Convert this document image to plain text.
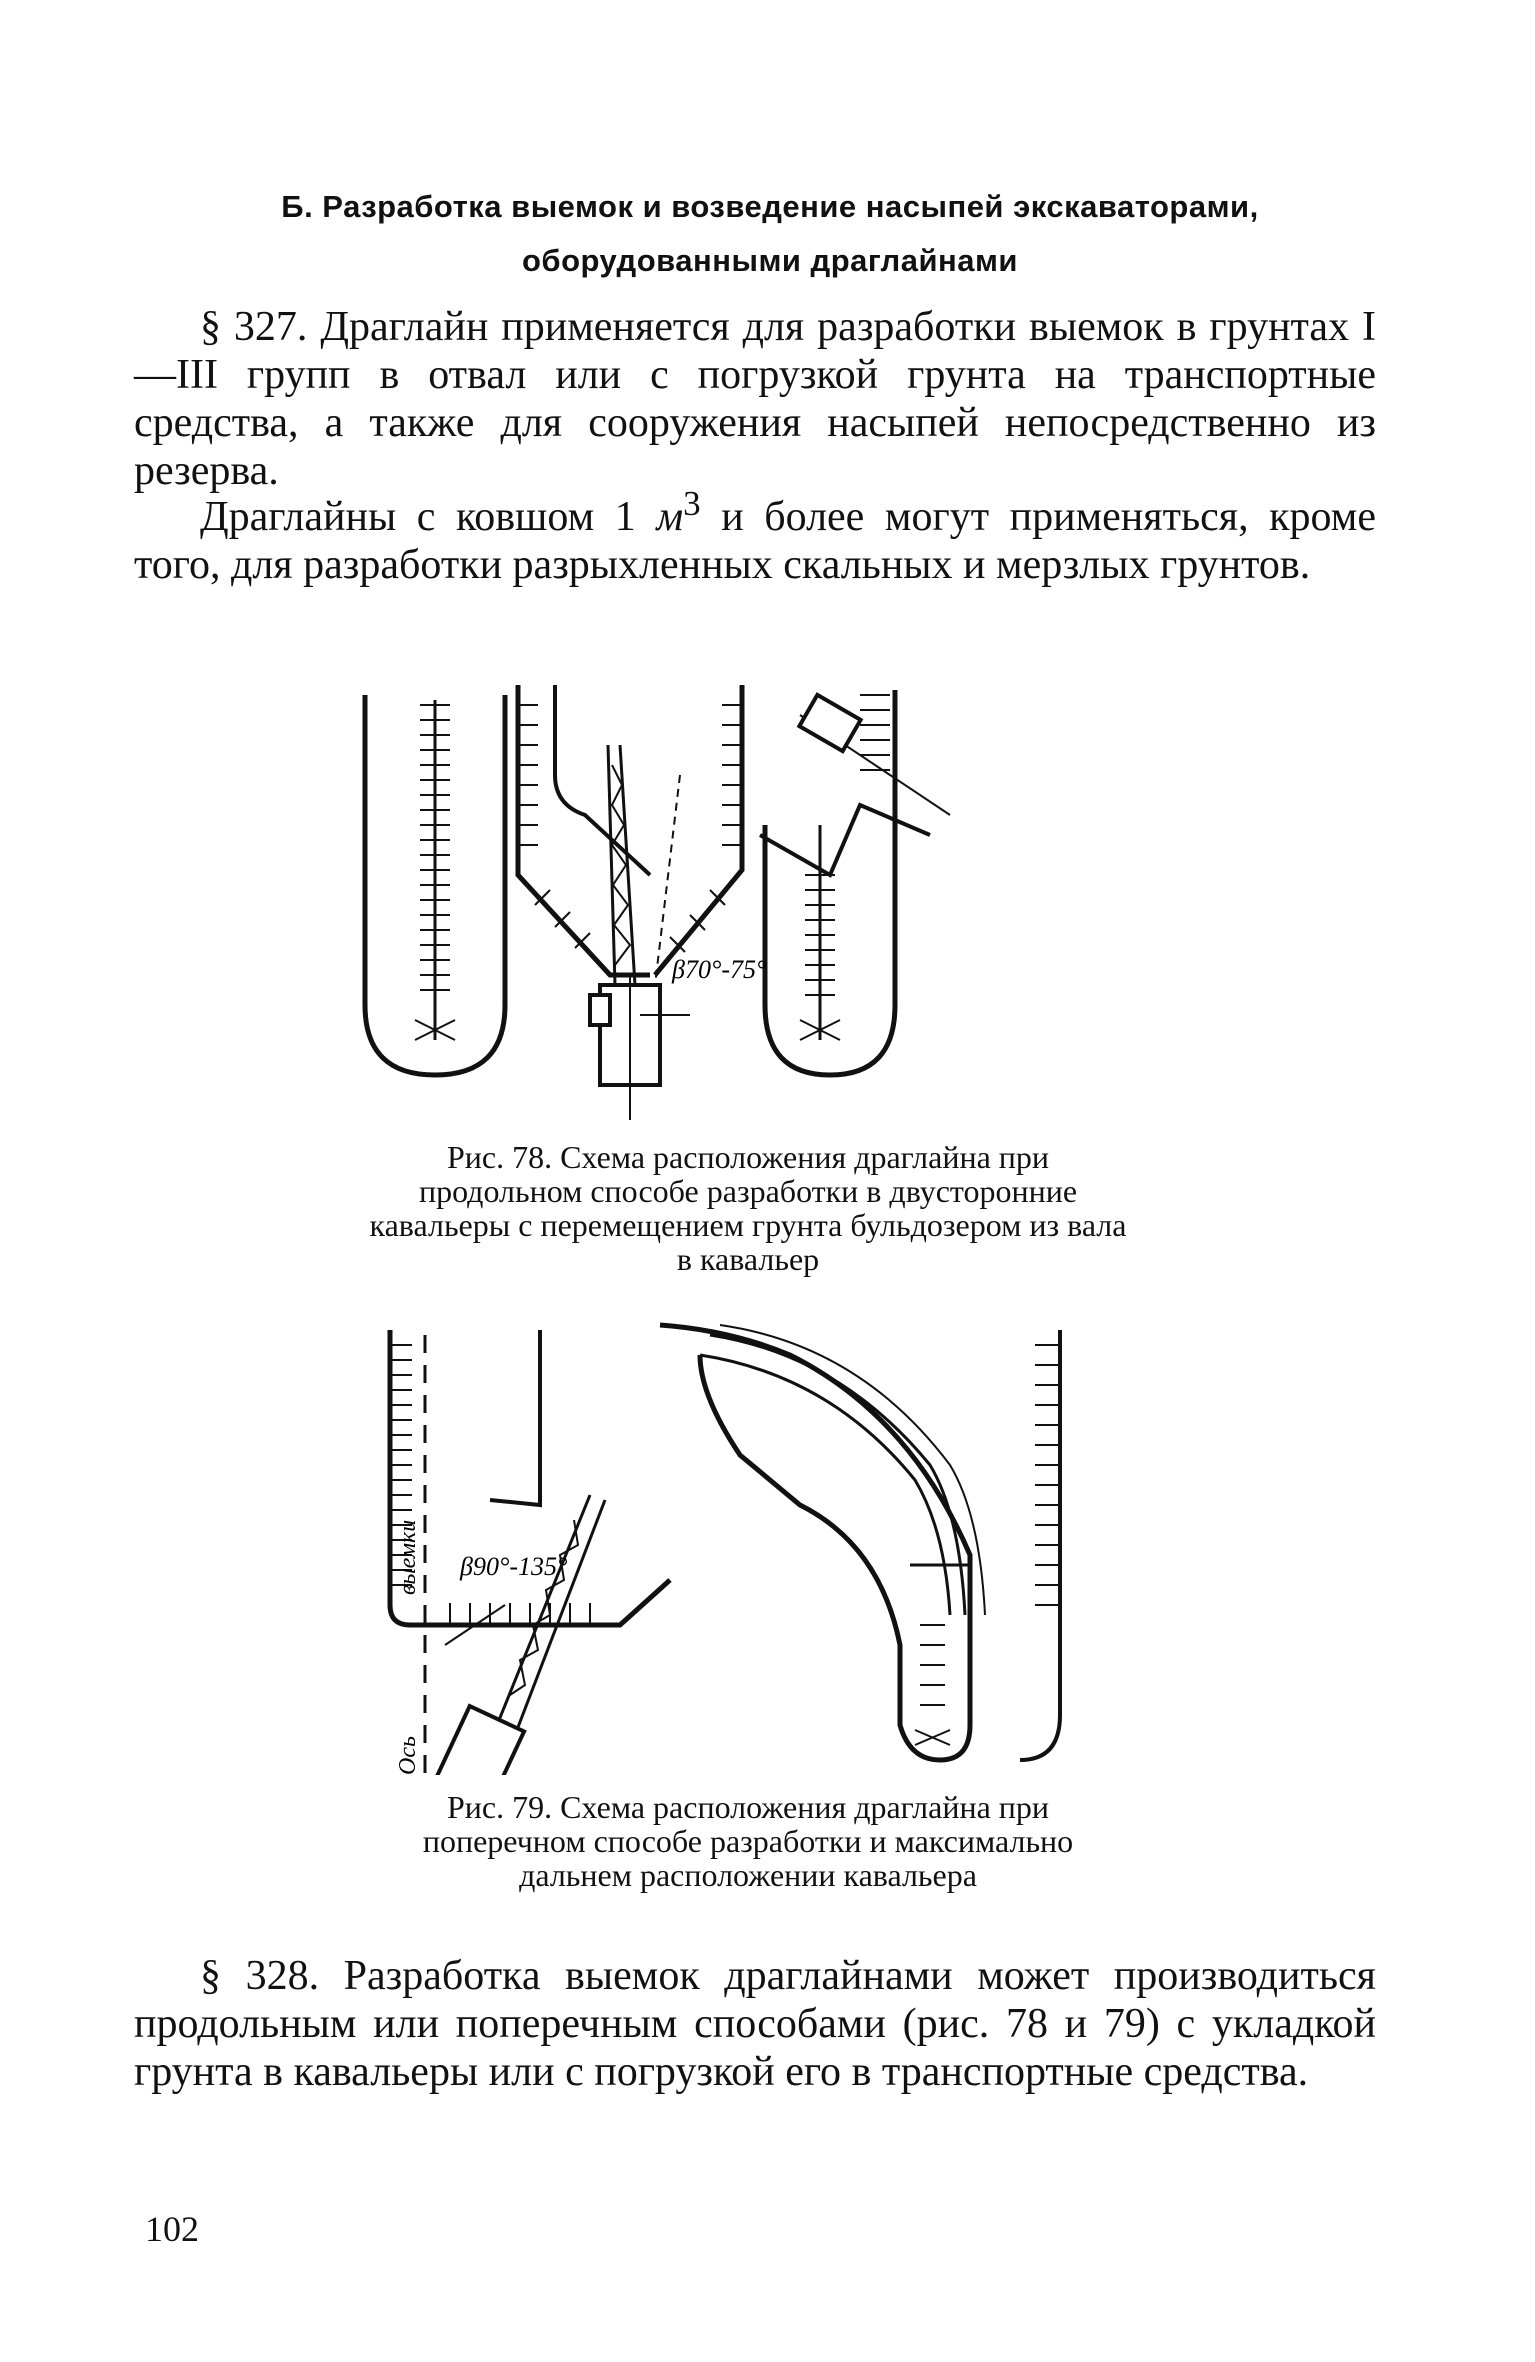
Б. Разработка выемок и возведение насыпей экскаваторами,
оборудованными драглайнами

§ 327. Драглайн применяется для разработки выемок в грунтах I—III групп в отвал или с погрузкой грунта на транспортные средства, а также для сооружения насыпей непосредственно из резерва.

Драглайны с ковшом 1 $м^3$ и более могут применяться, кроме того, для разработки разрыхленных скальных и мерзлых грунтов.

β70°-75°

Рис. 78. Схема расположения драглайна при продольном способе разработки в двусторонние кавальеры с перемещением грунта бульдозером из вала в кавальер

β90°-135°
Ось
выемки

Рис. 79. Схема расположения драглайна при поперечном способе разработки и максимально дальнем расположении кавальера

§ 328. Разработка выемок драглайнами может производиться продольным или поперечным способами (рис. 78 и 79) с укладкой грунта в кавальеры или с погрузкой его в транспортные средства.

102
